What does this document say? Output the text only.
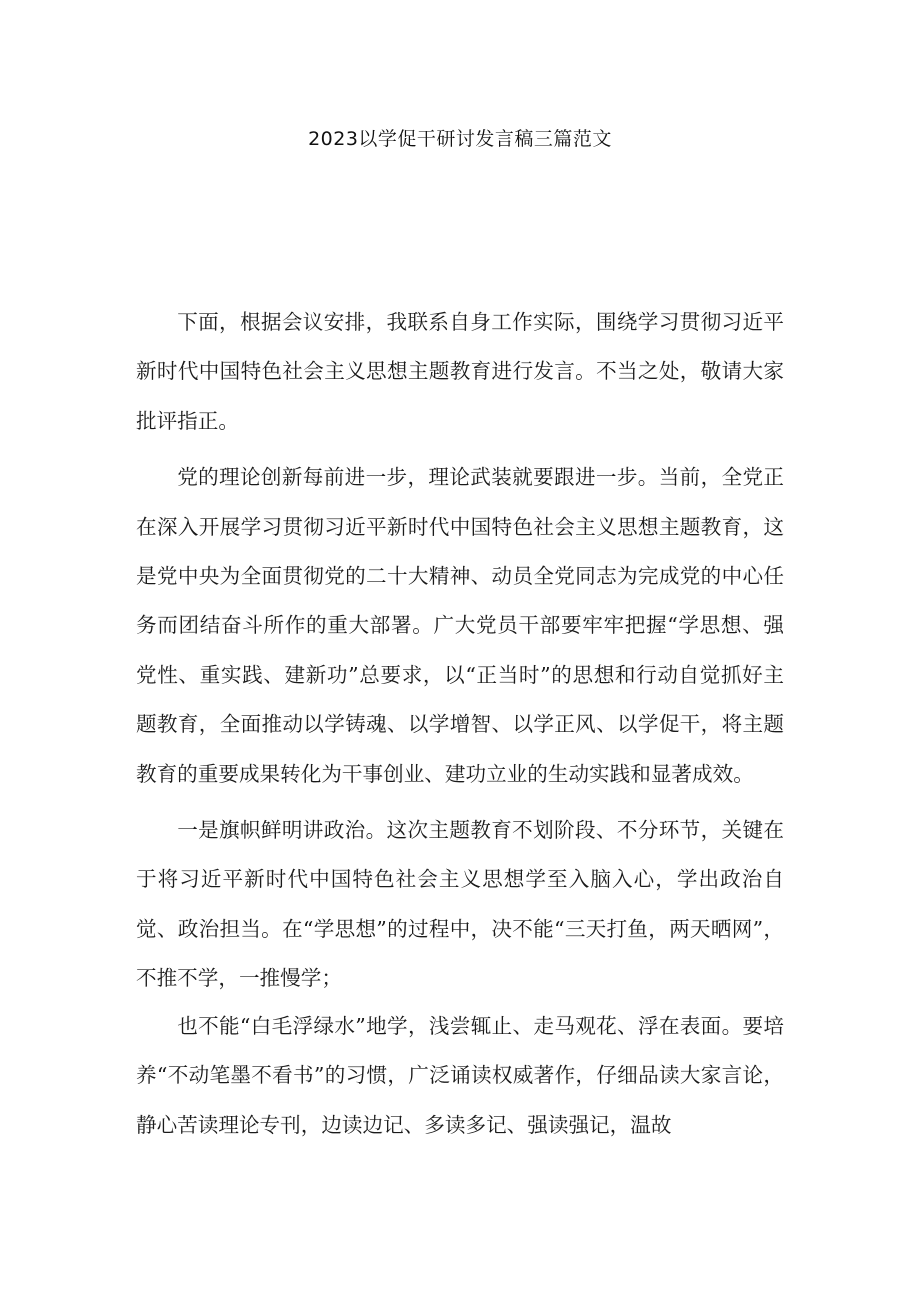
2023以学促干研讨发言稿三篇范文

下面，根据会议安排，我联系自身工作实际，围绕学习贯彻习近平新时代中国特色社会主义思想主题教育进行发言。不当之处，敬请大家批评指正。

党的理论创新每前进一步，理论武装就要跟进一步。当前，全党正在深入开展学习贯彻习近平新时代中国特色社会主义思想主题教育，这是党中央为全面贯彻党的二十大精神、动员全党同志为完成党的中心任务而团结奋斗所作的重大部署。广大党员干部要牢牢把握“学思想、强党性、重实践、建新功”总要求，以“正当时”的思想和行动自觉抓好主题教育，全面推动以学铸魂、以学增智、以学正风、以学促干，将主题教育的重要成果转化为干事创业、建功立业的生动实践和显著成效。

一是旗帜鲜明讲政治。这次主题教育不划阶段、不分环节，关键在于将习近平新时代中国特色社会主义思想学至入脑入心，学出政治自觉、政治担当。在“学思想”的过程中，决不能“三天打鱼，两天晒网”，不推不学，一推慢学；

也不能“白毛浮绿水”地学，浅尝辄止、走马观花、浮在表面。要培养“不动笔墨不看书”的习惯，广泛诵读权威著作，仔细品读大家言论，静心苦读理论专刊，边读边记、多读多记、强读强记，温故
